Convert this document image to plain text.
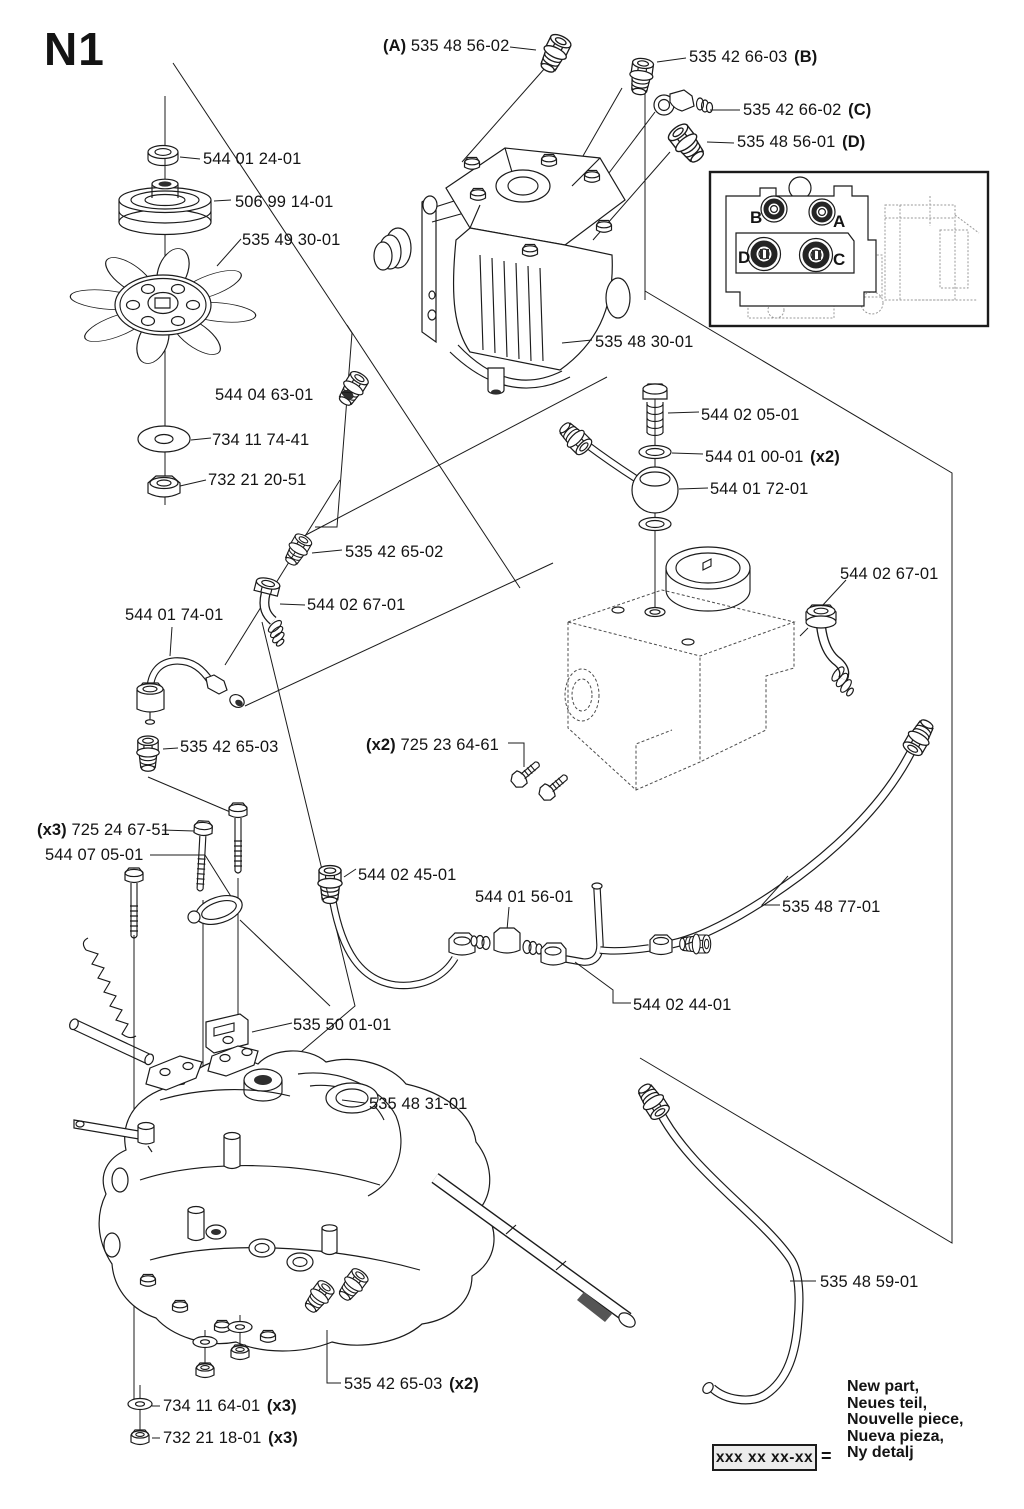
N1	(A) 535 48 56-02
535 42 66-03 (B)
535 42 66-02 (C)
535 48 56-01 (D)
544 01 24-01
506 99 14-01
535 49 30-01
535 48 30-01
544 04 63-01
734 11 74-41
732 21 20-51
544 02 05-01
544 01 00-01 (x2)
544 01 72-01
535 42 65-02
544 02 67-01
544 01 74-01
544 02 67-01
535 42 65-03	(x2) 725 23 64-61
(x3) 725 24 67-51
544 07 05-01
544 02 45-01
544 01 56-01
535 48 77-01
544 02 44-01
535 50 01-01
535 48 31-01
535 48 59-01
535 42 65-03 (x2)
734 11 64-01 (x3)
732 21 18-01 (x3)
B	A
D	C
New part,
Neues teil,
Nouvelle piece,
Nueva pieza,
Ny detalj
xxx xx xx-xx =
